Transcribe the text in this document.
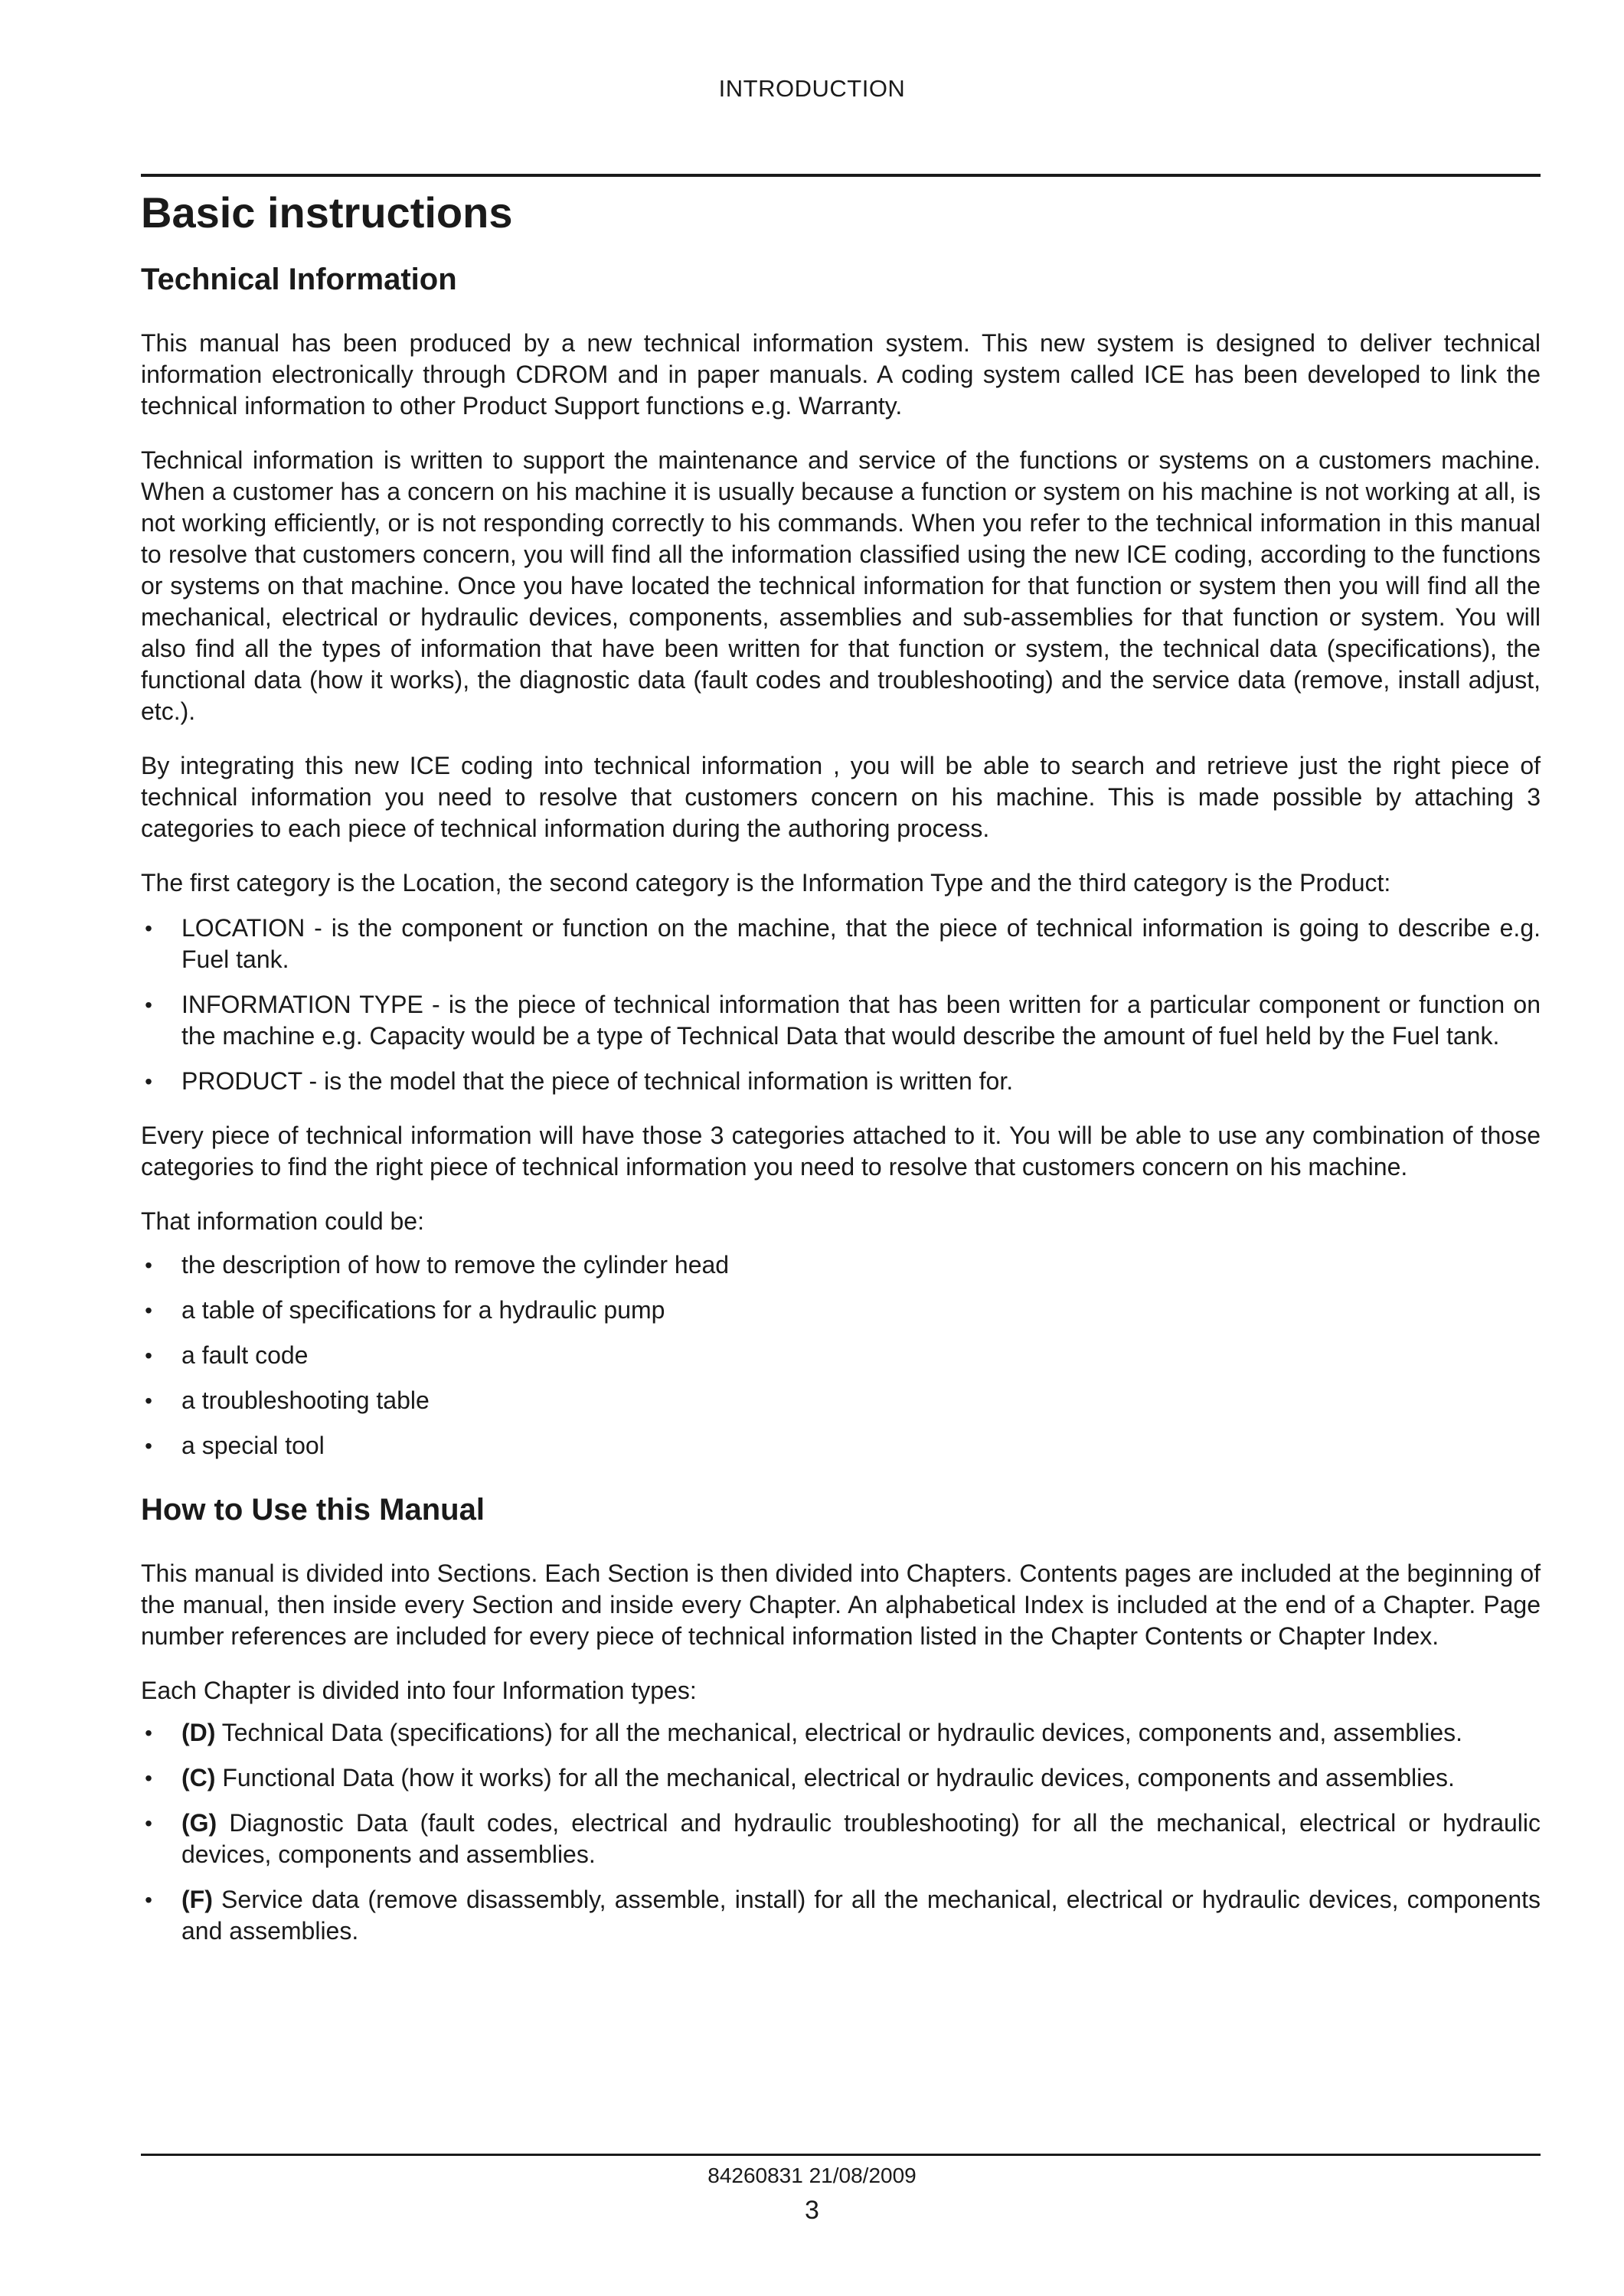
INTRODUCTION
Basic instructions
Technical Information

This manual has been produced by a new technical information system. This new system is designed to deliver technical information electronically through CDROM and in paper manuals. A coding system called ICE has been developed to link the technical information to other Product Support functions e.g. Warranty.

Technical information is written to support the maintenance and service of the functions or systems on a customers machine. When a customer has a concern on his machine it is usually because a function or system on his machine is not working at all, is not working efficiently, or is not responding correctly to his commands. When you refer to the technical information in this manual to resolve that customers concern, you will find all the information classified using the new ICE coding, according to the functions or systems on that machine. Once you have located the technical information for that function or system then you will find all the mechanical, electrical or hydraulic devices, components, assemblies and sub-assemblies for that function or system. You will also find all the types of information that have been written for that function or system, the technical data (specifications), the functional data (how it works), the diagnostic data (fault codes and troubleshooting) and the service data (remove, install adjust, etc.).

By integrating this new ICE coding into technical information , you will be able to search and retrieve just the right piece of technical information you need to resolve that customers concern on his machine. This is made possible by attaching 3 categories to each piece of technical information during the authoring process.

The first category is the Location, the second category is the Information Type and the third category is the Product:

• LOCATION - is the component or function on the machine, that the piece of technical information is going to describe e.g. Fuel tank.
• INFORMATION TYPE - is the piece of technical information that has been written for a particular component or function on the machine e.g. Capacity would be a type of Technical Data that would describe the amount of fuel held by the Fuel tank.
• PRODUCT - is the model that the piece of technical information is written for.

Every piece of technical information will have those 3 categories attached to it. You will be able to use any combination of those categories to find the right piece of technical information you need to resolve that customers concern on his machine.

That information could be:

• the description of how to remove the cylinder head
• a table of specifications for a hydraulic pump
• a fault code
• a troubleshooting table
• a special tool
How to Use this Manual

This manual is divided into Sections. Each Section is then divided into Chapters. Contents pages are included at the beginning of the manual, then inside every Section and inside every Chapter. An alphabetical Index is included at the end of a Chapter. Page number references are included for every piece of technical information listed in the Chapter Contents or Chapter Index.

Each Chapter is divided into four Information types:

• (D) Technical Data (specifications) for all the mechanical, electrical or hydraulic devices, components and, assemblies.
• (C) Functional Data (how it works) for all the mechanical, electrical or hydraulic devices, components and assemblies.
• (G) Diagnostic Data (fault codes, electrical and hydraulic troubleshooting) for all the mechanical, electrical or hydraulic devices, components and assemblies.
• (F) Service data (remove disassembly, assemble, install) for all the mechanical, electrical or hydraulic devices, components and assemblies.
84260831 21/08/2009
3
